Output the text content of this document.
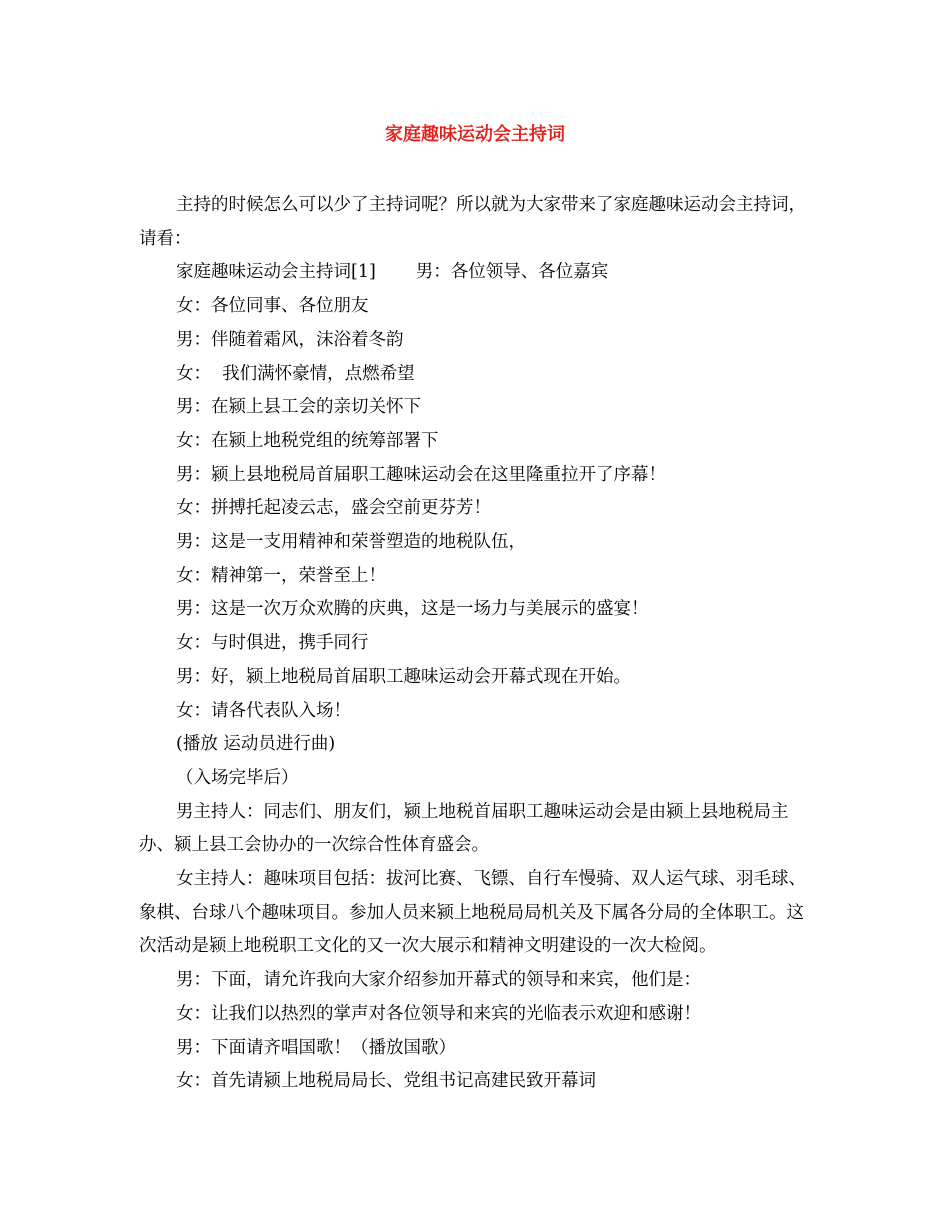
家庭趣味运动会主持词

主持的时候怎么可以少了主持词呢？所以就为大家带来了家庭趣味运动会主持词，请看：

家庭趣味运动会主持词[1] 男：各位领导、各位嘉宾

女：各位同事、各位朋友

男：伴随着霜风，沫浴着冬韵

女：  我们满怀豪情，点燃希望

男：在颍上县工会的亲切关怀下

女：在颍上地税党组的统筹部署下

男：颍上县地税局首届职工趣味运动会在这里隆重拉开了序幕！

女：拼搏托起凌云志，盛会空前更芬芳！

男：这是一支用精神和荣誉塑造的地税队伍，

女：精神第一，荣誉至上！

男：这是一次万众欢腾的庆典，这是一场力与美展示的盛宴！

女：与时俱进，携手同行

男：好，颍上地税局首届职工趣味运动会开幕式现在开始。

女：请各代表队入场！

(播放 运动员进行曲)

（入场完毕后）

男主持人：同志们、朋友们，颍上地税首届职工趣味运动会是由颍上县地税局主办、颍上县工会协办的一次综合性体育盛会。

女主持人：趣味项目包括：拔河比赛、飞镖、自行车慢骑、双人运气球、羽毛球、象棋、台球八个趣味项目。参加人员来颍上地税局局机关及下属各分局的全体职工。这次活动是颍上地税职工文化的又一次大展示和精神文明建设的一次大检阅。

男：下面，请允许我向大家介绍参加开幕式的领导和来宾，他们是：

女：让我们以热烈的掌声对各位领导和来宾的光临表示欢迎和感谢！

男：下面请齐唱国歌！（播放国歌）

女：首先请颍上地税局局长、党组书记高建民致开幕词
